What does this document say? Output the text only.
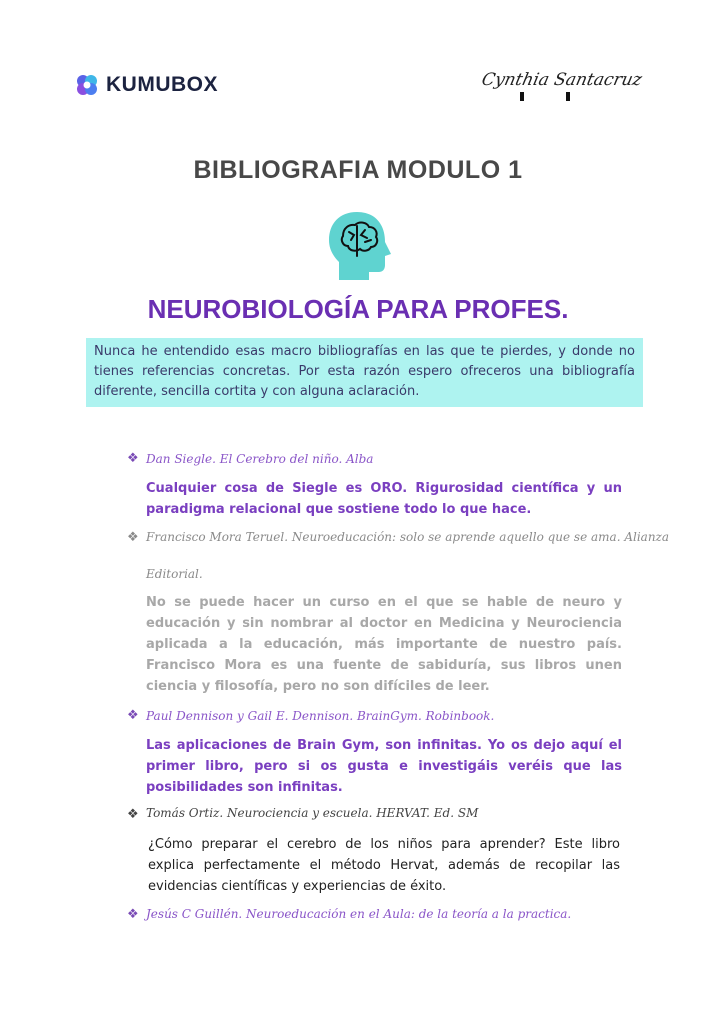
KUMUBOX	Cynthia Santacruz
BIBLIOGRAFIA MODULO 1
NEUROBIOLOGÍA PARA PROFES.
Nunca he entendido esas macro bibliografías en las que te pierdes, y donde no tienes referencias concretas. Por esta razón espero ofreceros una bibliografía diferente, sencilla cortita y con alguna aclaración.
❖ Dan Siegle. El Cerebro del niño. Alba

Cualquier cosa de Siegle es ORO. Rigurosidad científica y un paradigma relacional que sostiene todo lo que hace.

❖ Francisco Mora Teruel. Neuroeducación: solo se aprende aquello que se ama. Alianza
Editorial.

No se puede hacer un curso en el que se hable de neuro y educación y sin nombrar al doctor en Medicina y Neurociencia aplicada a la educación, más importante de nuestro país. Francisco Mora es una fuente de sabiduría, sus libros unen ciencia y filosofía, pero no son difíciles de leer.

❖ Paul Dennison y Gail E. Dennison. BrainGym. Robinbook.

Las aplicaciones de Brain Gym, son infinitas. Yo os dejo aquí el primer libro, pero si os gusta e investigáis veréis que las posibilidades son infinitas.

❖ Tomás Ortiz. Neurociencia y escuela. HERVAT. Ed. SM

¿Cómo preparar el cerebro de los niños para aprender? Este libro explica perfectamente el método Hervat, además de recopilar las evidencias científicas y experiencias de éxito.

❖ Jesús C Guillén. Neuroeducación en el Aula: de la teoría a la practica.
